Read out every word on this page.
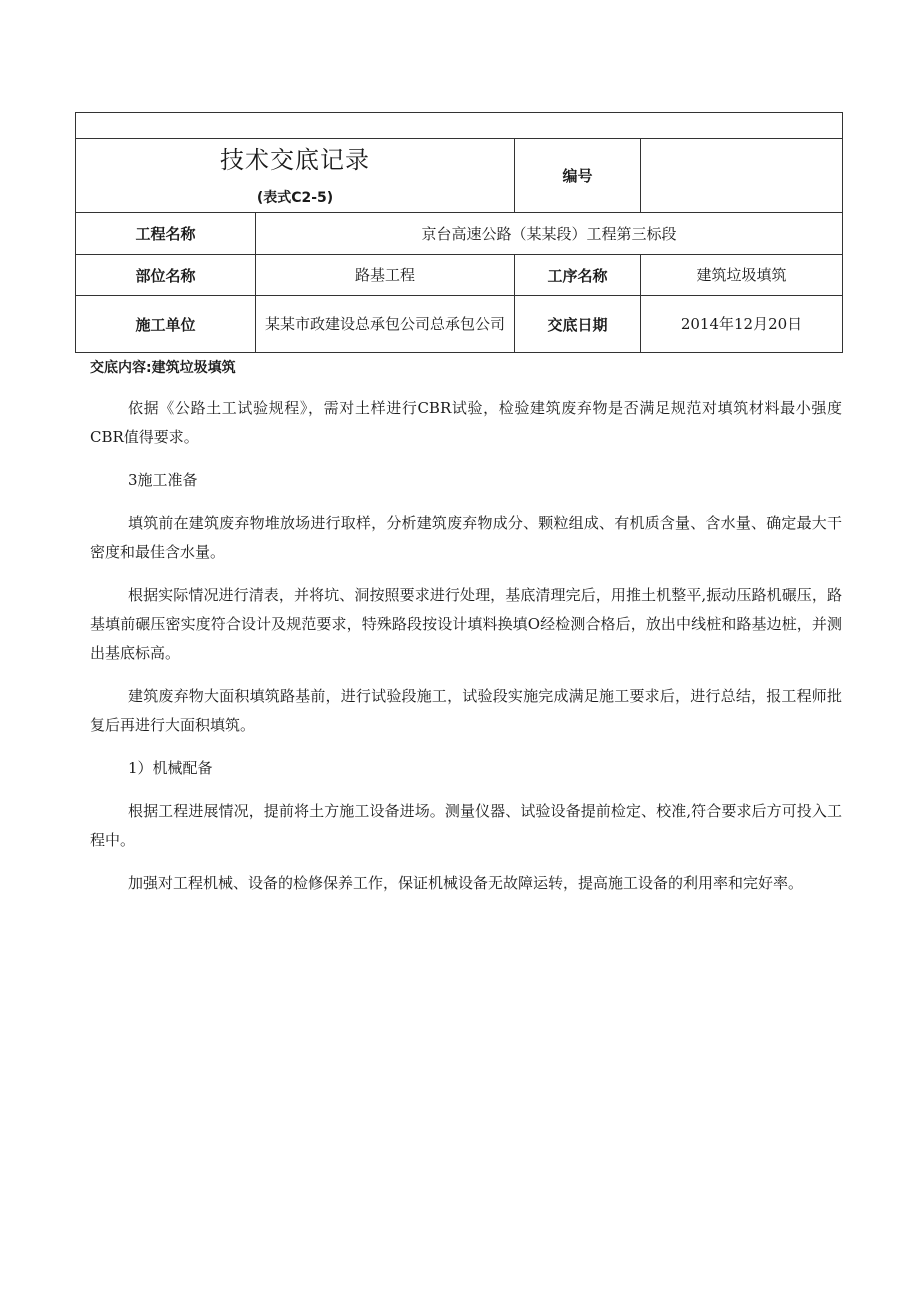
技术交底记录
(表式C2-5)		编号	
工程名称	京台高速公路（某某段）工程第三标段		
部位名称	路基工程	工序名称	建筑垃圾填筑
施工单位	某某市政建设总承包公司总承包公司	交底日期	2014年12月20日
交底内容:建筑垃圾填筑

依据《公路土工试验规程》，需对土样进行CBR试验，检验建筑废弃物是否满足规范对填筑材料最小强度CBR值得要求。

3施工准备

填筑前在建筑废弃物堆放场进行取样，分析建筑废弃物成分、颗粒组成、有机质含量、含水量、确定最大干密度和最佳含水量。

根据实际情况进行清表，并将坑、洞按照要求进行处理，基底清理完后，用推土机整平,振动压路机碾压，路基填前碾压密实度符合设计及规范要求，特殊路段按设计填料换填O经检测合格后，放出中线桩和路基边桩，并测出基底标高。

建筑废弃物大面积填筑路基前，进行试验段施工，试验段实施完成满足施工要求后，进行总结，报工程师批复后再进行大面积填筑。

1）机械配备

根据工程进展情况，提前将土方施工设备进场。测量仪器、试验设备提前检定、校准,符合要求后方可投入工程中。

加强对工程机械、设备的检修保养工作，保证机械设备无故障运转，提高施工设备的利用率和完好率。
